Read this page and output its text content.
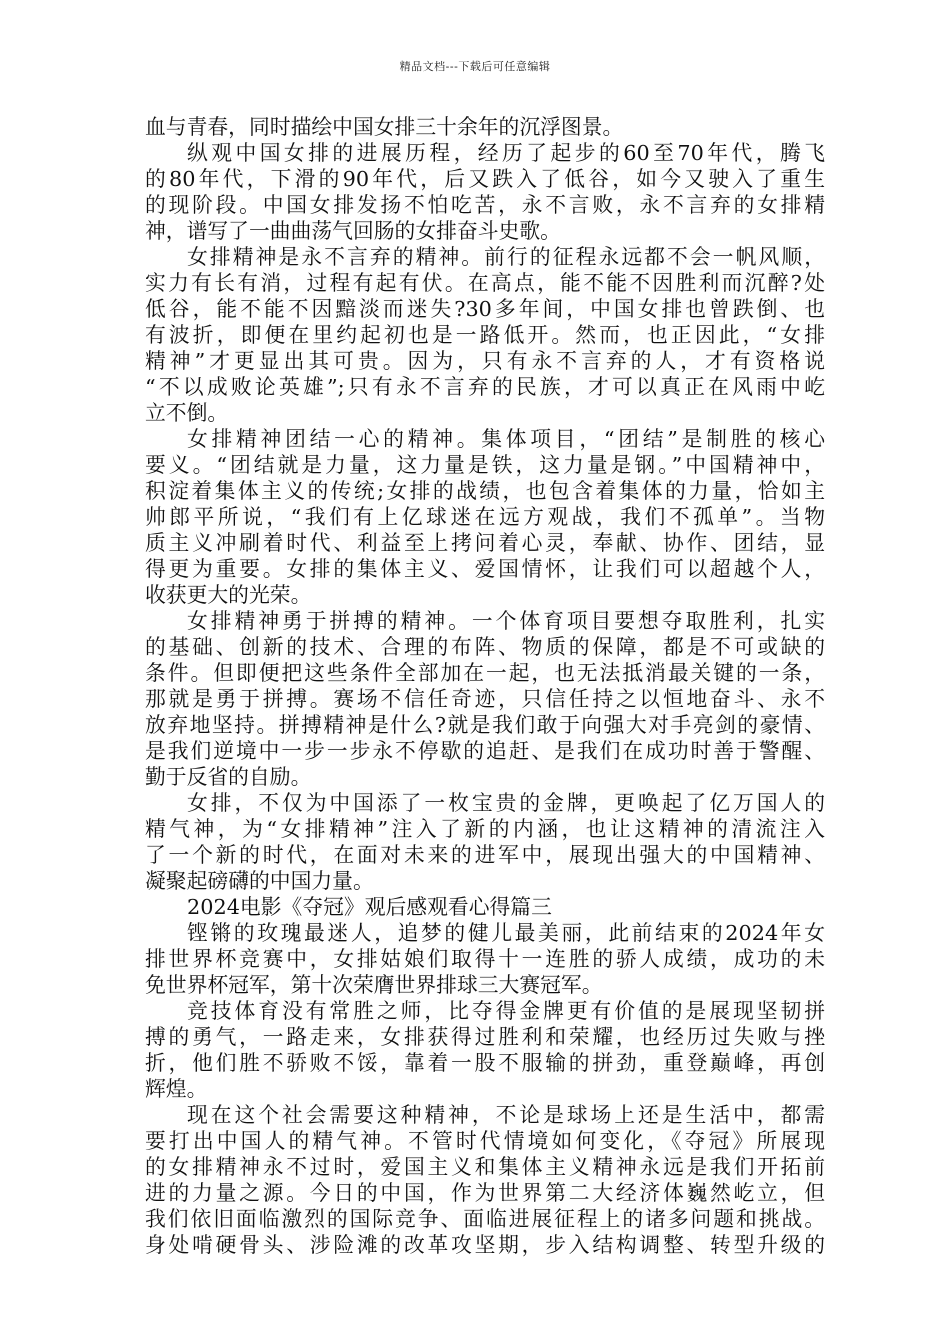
精品文档---下载后可任意编辑
血与青春，同时描绘中国女排三十余年的沉浮图景。
纵观中国女排的进展历程，经历了起步的60至70年代，腾飞
的80年代，下滑的90年代，后又跌入了低谷，如今又驶入了重生
的现阶段。中国女排发扬不怕吃苦，永不言败，永不言弃的女排精
神，谱写了一曲曲荡气回肠的女排奋斗史歌。
女排精神是永不言弃的精神。前行的征程永远都不会一帆风顺，
实力有长有消，过程有起有伏。在高点，能不能不因胜利而沉醉?处
低谷，能不能不因黯淡而迷失?30多年间，中国女排也曾跌倒、也
有波折，即便在里约起初也是一路低开。然而，也正因此，“女排
精神”才更显出其可贵。因为，只有永不言弃的人，才有资格说
“不以成败论英雄”;只有永不言弃的民族，才可以真正在风雨中屹
立不倒。
女排精神团结一心的精神。集体项目，“团结”是制胜的核心
要义。“团结就是力量，这力量是铁，这力量是钢。”中国精神中，
积淀着集体主义的传统;女排的战绩，也包含着集体的力量，恰如主
帅郎平所说，“我们有上亿球迷在远方观战，我们不孤单”。当物
质主义冲刷着时代、利益至上拷问着心灵，奉献、协作、团结，显
得更为重要。女排的集体主义、爱国情怀，让我们可以超越个人，
收获更大的光荣。
女排精神勇于拼搏的精神。一个体育项目要想夺取胜利，扎实
的基础、创新的技术、合理的布阵、物质的保障，都是不可或缺的
条件。但即便把这些条件全部加在一起，也无法抵消最关键的一条，
那就是勇于拼搏。赛场不信任奇迹，只信任持之以恒地奋斗、永不
放弃地坚持。拼搏精神是什么?就是我们敢于向强大对手亮剑的豪情、
是我们逆境中一步一步永不停歇的追赶、是我们在成功时善于警醒、
勤于反省的自励。
女排，不仅为中国添了一枚宝贵的金牌，更唤起了亿万国人的
精气神，为“女排精神”注入了新的内涵，也让这精神的清流注入
了一个新的时代，在面对未来的进军中，展现出强大的中国精神、
凝聚起磅礴的中国力量。
2024电影《夺冠》观后感观看心得篇三
铿锵的玫瑰最迷人，追梦的健儿最美丽，此前结束的2024年女
排世界杯竞赛中，女排姑娘们取得十一连胜的骄人成绩，成功的未
免世界杯冠军，第十次荣膺世界排球三大赛冠军。
竞技体育没有常胜之师，比夺得金牌更有价值的是展现坚韧拼
搏的勇气，一路走来，女排获得过胜利和荣耀，也经历过失败与挫
折，他们胜不骄败不馁，靠着一股不服输的拼劲，重登巅峰，再创
辉煌。
现在这个社会需要这种精神，不论是球场上还是生活中，都需
要打出中国人的精气神。不管时代情境如何变化，《夺冠》所展现
的女排精神永不过时，爱国主义和集体主义精神永远是我们开拓前
进的力量之源。今日的中国，作为世界第二大经济体巍然屹立，但
我们依旧面临激烈的国际竞争、面临进展征程上的诸多问题和挑战。
身处啃硬骨头、涉险滩的改革攻坚期，步入结构调整、转型升级的
